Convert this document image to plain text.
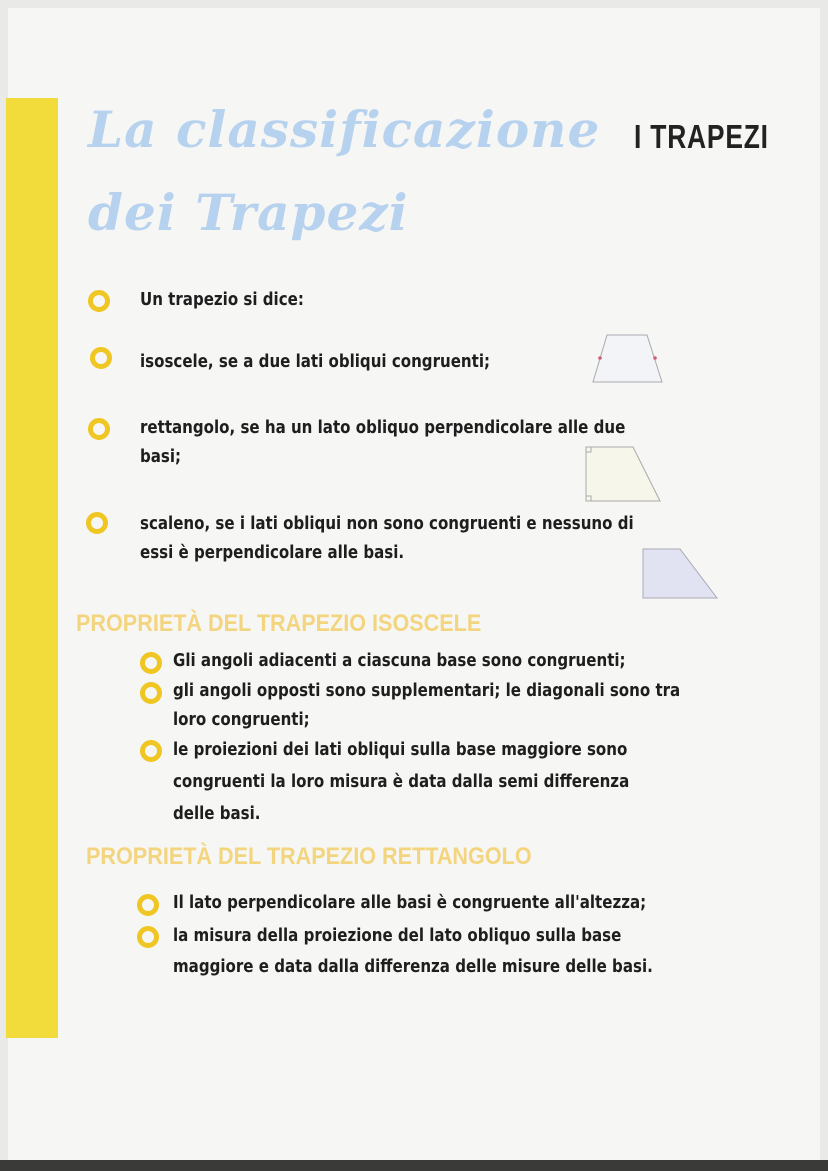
La classificazione
dei Trapezi
I TRAPEZI
Un trapezio si dice:
isoscele, se a due lati obliqui congruenti;
rettangolo, se ha un lato obliquo perpendicolare alle due
basi;
scaleno, se i lati obliqui non sono congruenti e nessuno di
essi è perpendicolare alle basi.
PROPRIETÀ DEL TRAPEZIO ISOSCELE
Gli angoli adiacenti a ciascuna base sono congruenti;
gli angoli opposti sono supplementari; le diagonali sono tra
loro congruenti;
le proiezioni dei lati obliqui sulla base maggiore sono
congruenti la loro misura è data dalla semi differenza
delle basi.
PROPRIETÀ DEL TRAPEZIO RETTANGOLO
Il lato perpendicolare alle basi è congruente all'altezza;
la misura della proiezione del lato obliquo sulla base
maggiore e data dalla differenza delle misure delle basi.
